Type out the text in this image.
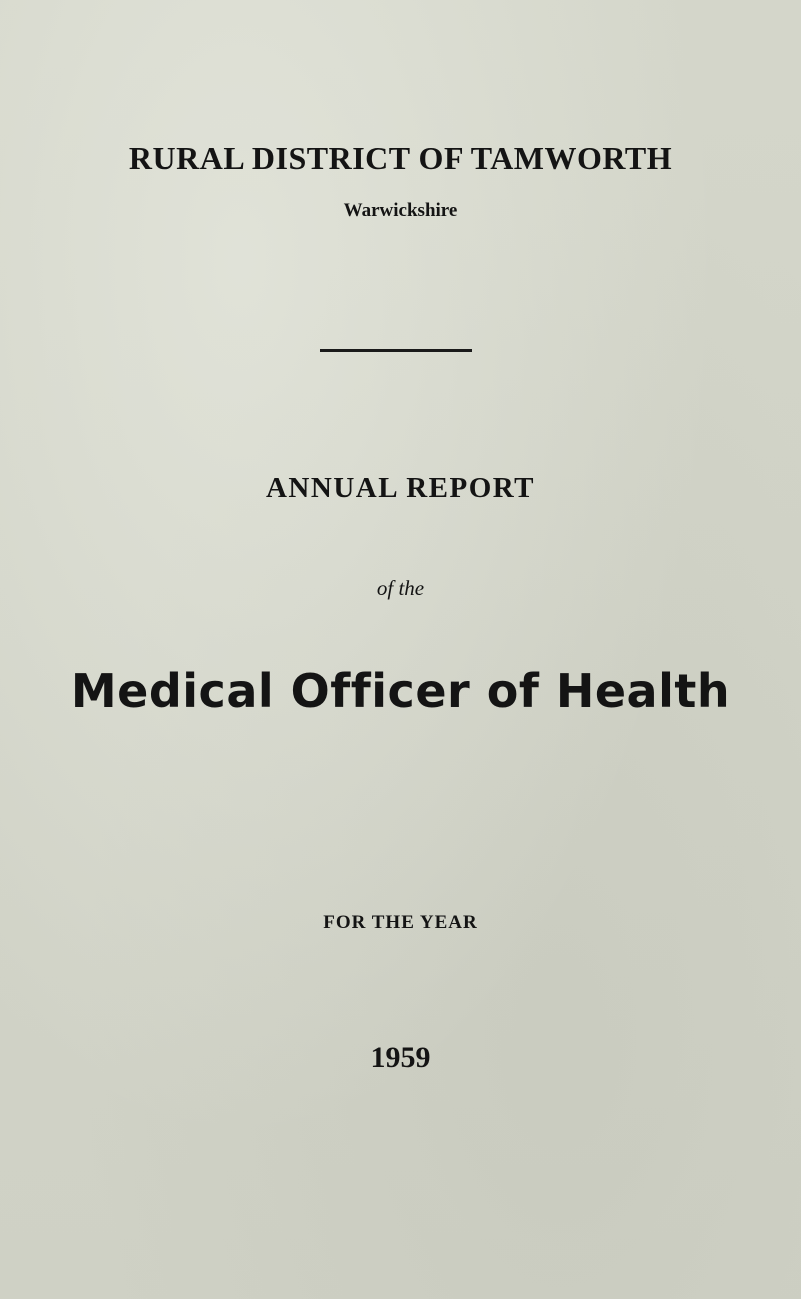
RURAL DISTRICT OF TAMWORTH
Warwickshire
ANNUAL REPORT
of the
Medical Officer of Health
FOR THE YEAR
1959
